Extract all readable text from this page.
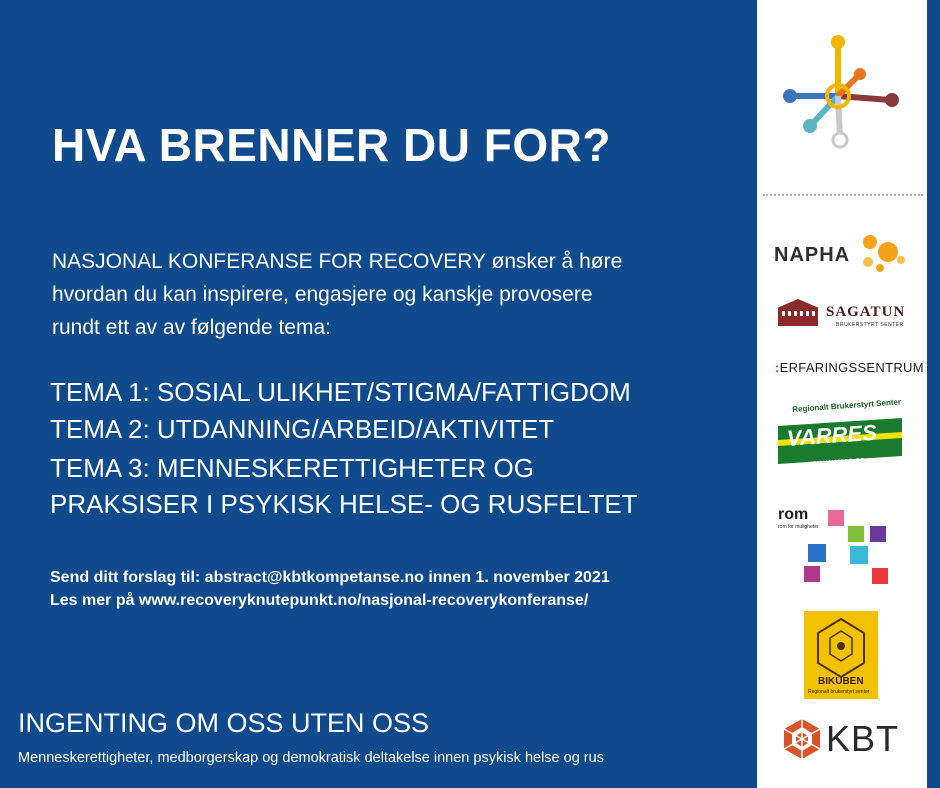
HVA BRENNER DU FOR?

NASJONAL KONFERANSE FOR RECOVERY ønsker å høre

hvordan du kan inspirere, engasjere og kanskje provosere

rundt ett av av følgende tema:

TEMA 1: SOSIAL ULIKHET/STIGMA/FATTIGDOM

TEMA 2: UTDANNING/ARBEID/AKTIVITET

TEMA 3: MENNESKERETTIGHETER OG

PRAKSISER I PSYKISK HELSE- OG RUSFELTET

Send ditt forslag til: abstract@kbtkompetanse.no innen 1. november 2021

Les mer på www.recoveryknutepunkt.no/nasjonal-recoverykonferanse/

INGENTING OM OSS UTEN OSS

Menneskerettigheter, medborgerskap og demokratisk deltakelse innen psykisk helse og rus

NAPHA
SAGATUN
BRUKERSTYRT SENTER
:ERFARINGSSENTRUM
Regionalt Brukerstyrt Senter
VARRES
www.varres.no
rom
rom for muligheter
BIKUBEN
Regionalt brukerstyrt senter
KBT
